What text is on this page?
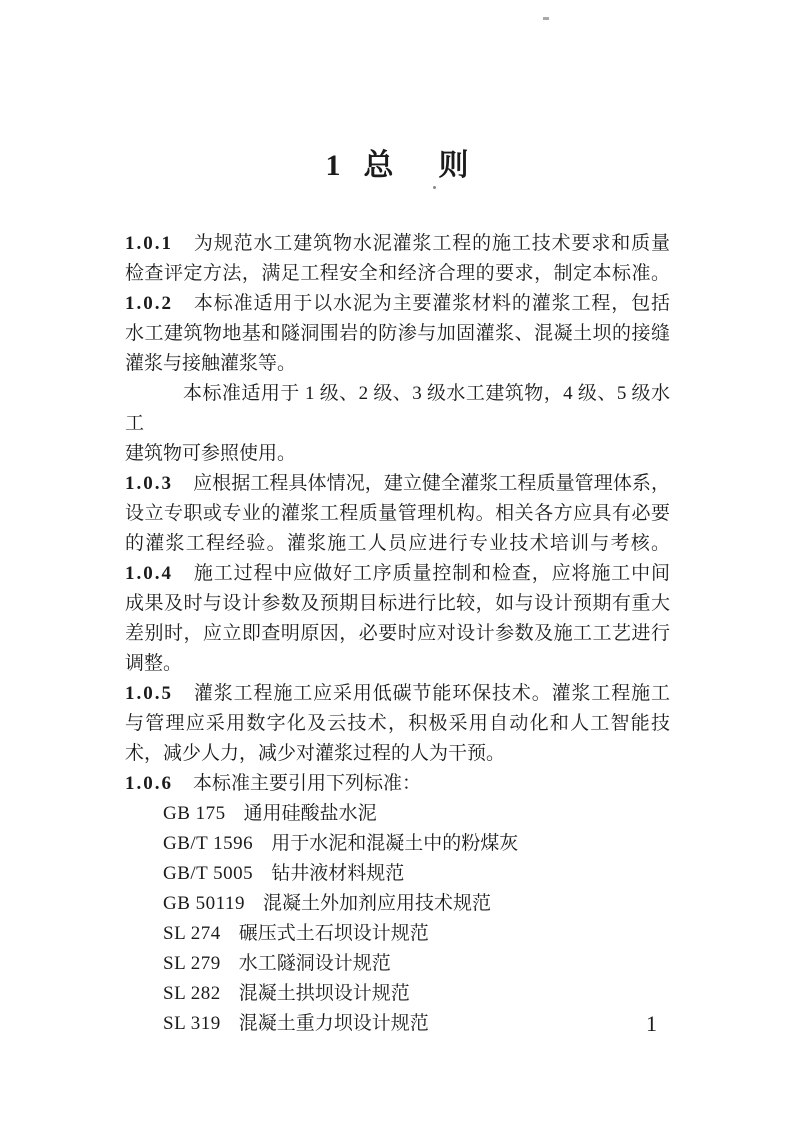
1 总 则
1.0.1 为规范水工建筑物水泥灌浆工程的施工技术要求和质量
检查评定方法，满足工程安全和经济合理的要求，制定本标准。
1.0.2 本标准适用于以水泥为主要灌浆材料的灌浆工程，包括
水工建筑物地基和隧洞围岩的防渗与加固灌浆、混凝土坝的接缝
灌浆与接触灌浆等。
本标准适用于 1 级、2 级、3 级水工建筑物，4 级、5 级水工
建筑物可参照使用。
1.0.3 应根据工程具体情况，建立健全灌浆工程质量管理体系，
设立专职或专业的灌浆工程质量管理机构。相关各方应具有必要
的灌浆工程经验。灌浆施工人员应进行专业技术培训与考核。
1.0.4 施工过程中应做好工序质量控制和检查，应将施工中间
成果及时与设计参数及预期目标进行比较，如与设计预期有重大
差别时，应立即查明原因，必要时应对设计参数及施工工艺进行
调整。
1.0.5 灌浆工程施工应采用低碳节能环保技术。灌浆工程施工
与管理应采用数字化及云技术，积极采用自动化和人工智能技
术，减少人力，减少对灌浆过程的人为干预。
1.0.6 本标准主要引用下列标准：
GB 175 通用硅酸盐水泥
GB/T 1596 用于水泥和混凝土中的粉煤灰
GB/T 5005 钻井液材料规范
GB 50119 混凝土外加剂应用技术规范
SL 274 碾压式土石坝设计规范
SL 279 水工隧洞设计规范
SL 282 混凝土拱坝设计规范
SL 319 混凝土重力坝设计规范	1
